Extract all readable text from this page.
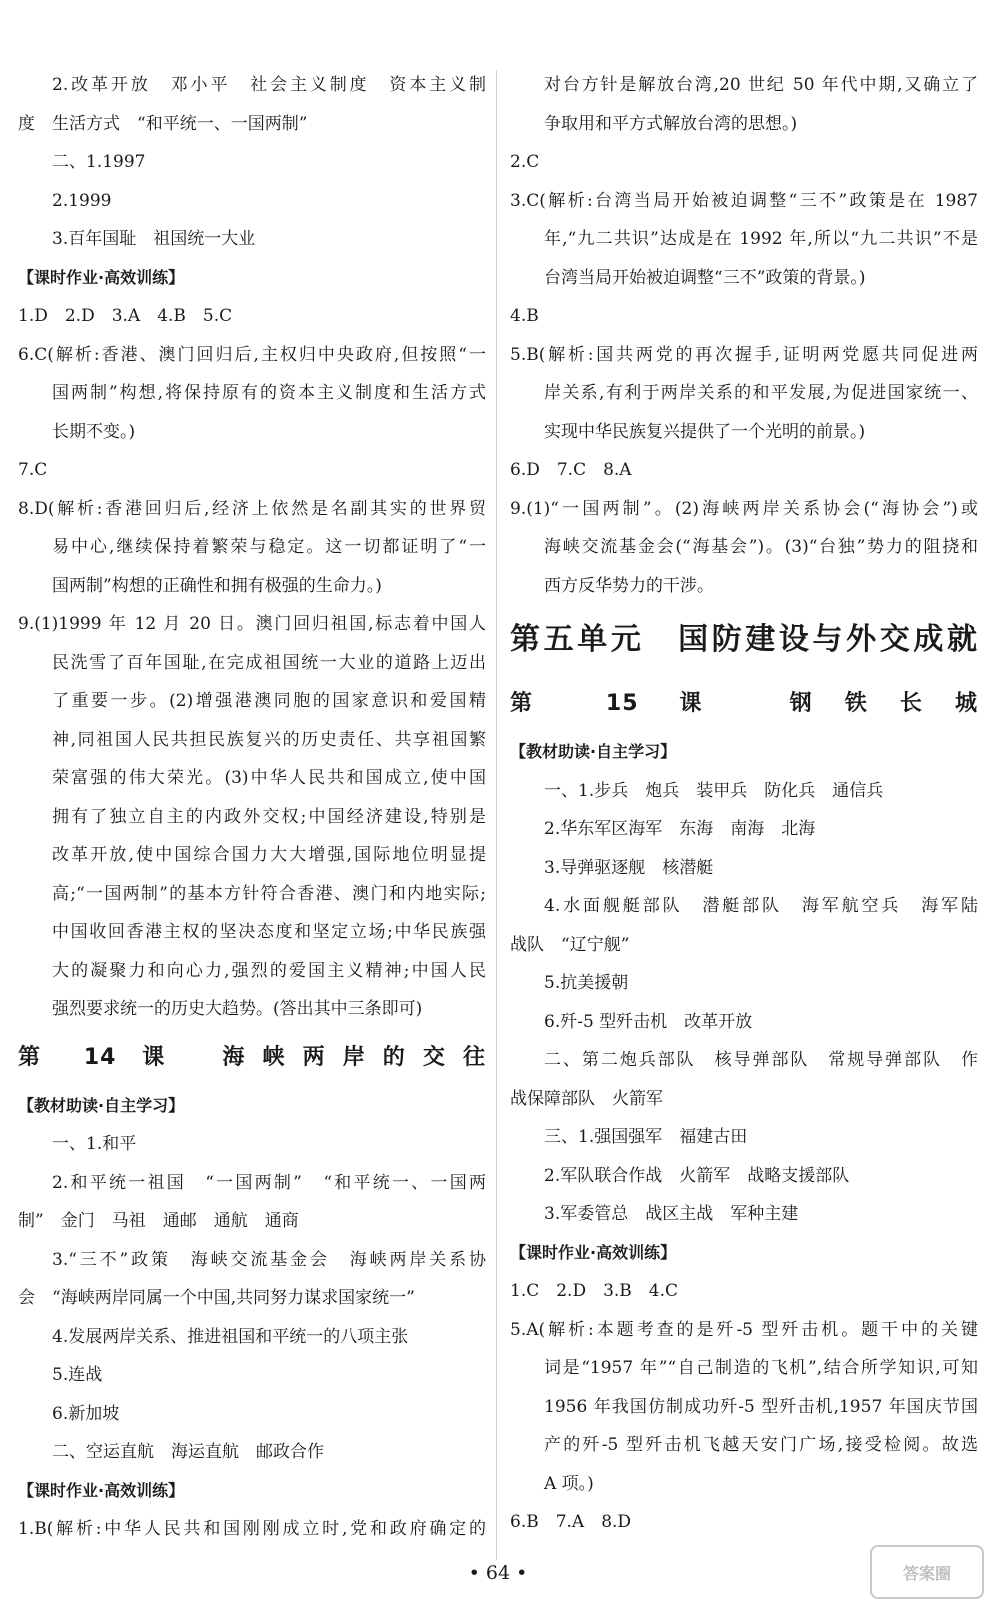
2.改革开放　邓小平　社会主义制度　资本主义制
度　生活方式　“和平统一、一国两制”
二、1.1997
2.1999
3.百年国耻　祖国统一大业
【课时作业·高效训练】
1.D　2.D　3.A　4.B　5.C
6.C(解析:香港、澳门回归后,主权归中央政府,但按照“一
国两制”构想,将保持原有的资本主义制度和生活方式
长期不变。)
7.C
8.D(解析:香港回归后,经济上依然是名副其实的世界贸
易中心,继续保持着繁荣与稳定。这一切都证明了“一
国两制”构想的正确性和拥有极强的生命力。)
9.(1)1999 年 12 月 20 日。澳门回归祖国,标志着中国人
民洗雪了百年国耻,在完成祖国统一大业的道路上迈出
了重要一步。(2)增强港澳同胞的国家意识和爱国精
神,同祖国人民共担民族复兴的历史责任、共享祖国繁
荣富强的伟大荣光。(3)中华人民共和国成立,使中国
拥有了独立自主的内政外交权;中国经济建设,特别是
改革开放,使中国综合国力大大增强,国际地位明显提
高;“一国两制”的基本方针符合香港、澳门和内地实际;
中国收回香港主权的坚决态度和坚定立场;中华民族强
大的凝聚力和向心力,强烈的爱国主义精神;中国人民
强烈要求统一的历史大趋势。(答出其中三条即可)
第 14 课　海峡两岸的交往
【教材助读·自主学习】
一、1.和平
2.和平统一祖国　“一国两制”　“和平统一、一国两
制”　金门　马祖　通邮　通航　通商
3.“三不”政策　海峡交流基金会　海峡两岸关系协
会　“海峡两岸同属一个中国,共同努力谋求国家统一”
4.发展两岸关系、推进祖国和平统一的八项主张
5.连战
6.新加坡
二、空运直航　海运直航　邮政合作
【课时作业·高效训练】
1.B(解析:中华人民共和国刚刚成立时,党和政府确定的
对台方针是解放台湾,20 世纪 50 年代中期,又确立了
争取用和平方式解放台湾的思想。)
2.C
3.C(解析:台湾当局开始被迫调整“三不”政策是在 1987
年,“九二共识”达成是在 1992 年,所以“九二共识”不是
台湾当局开始被迫调整“三不”政策的背景。)
4.B
5.B(解析:国共两党的再次握手,证明两党愿共同促进两
岸关系,有利于两岸关系的和平发展,为促进国家统一、
实现中华民族复兴提供了一个光明的前景。)
6.D　7.C　8.A
9.(1)“一国两制”。(2)海峡两岸关系协会(“海协会”)或
海峡交流基金会(“海基会”)。(3)“台独”势力的阻挠和
西方反华势力的干涉。
第五单元　国防建设与外交成就
第 15 课　钢铁长城
【教材助读·自主学习】
一、1.步兵　炮兵　装甲兵　防化兵　通信兵
2.华东军区海军　东海　南海　北海
3.导弹驱逐舰　核潜艇
4.水面舰艇部队　潜艇部队　海军航空兵　海军陆
战队　“辽宁舰”
5.抗美援朝
6.歼-5 型歼击机　改革开放
二、第二炮兵部队　核导弹部队　常规导弹部队　作
战保障部队　火箭军
三、1.强国强军　福建古田
2.军队联合作战　火箭军　战略支援部队
3.军委管总　战区主战　军种主建
【课时作业·高效训练】
1.C　2.D　3.B　4.C
5.A(解析:本题考查的是歼-5 型歼击机。题干中的关键
词是“1957 年”“自己制造的飞机”,结合所学知识,可知
1956 年我国仿制成功歼-5 型歼击机,1957 年国庆节国
产的歼-5 型歼击机飞越天安门广场,接受检阅。故选
A 项。)
6.B　7.A　8.D
• 64 •	答案圈
